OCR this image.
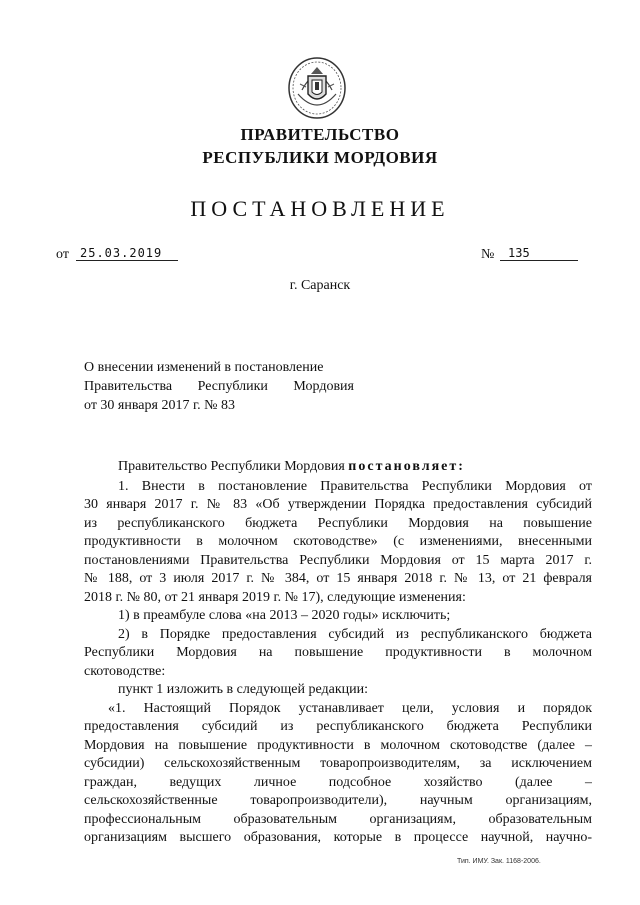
ПРАВИТЕЛЬСТВО
РЕСПУБЛИКИ МОРДОВИЯ
ПОСТАНОВЛЕНИЕ
от 25.03.2019	№	135
г. Саранск
О внесении изменений в постановление
Правительства Республики Мордовия
от 30 января 2017 г. № 83
Правительство Республики Мордовия постановляет:
1. Внести в постановление Правительства Республики Мордовия от
30 января 2017 г. № 83 «Об утверждении Порядка предоставления субсидий
из республиканского бюджета Республики Мордовия на повышение
продуктивности в молочном скотоводстве» (с изменениями, внесенными
постановлениями Правительства Республики Мордовия от 15 марта 2017 г.
№ 188, от 3 июля 2017 г. № 384, от 15 января 2018 г. № 13, от 21 февраля
2018 г. № 80, от 21 января 2019 г. № 17), следующие изменения:
1) в преамбуле слова «на 2013 – 2020 годы» исключить;
2) в Порядке предоставления субсидий из республиканского бюджета
Республики Мордовия на повышение продуктивности в молочном
скотоводстве:
пункт 1 изложить в следующей редакции:
«1. Настоящий Порядок устанавливает цели, условия и порядок
предоставления субсидий из республиканского бюджета Республики
Мордовия на повышение продуктивности в молочном скотоводстве (далее –
субсидии) сельскохозяйственным товаропроизводителям, за исключением
граждан, ведущих личное подсобное хозяйство (далее –
сельскохозяйственные товаропроизводители), научным организациям,
профессиональным образовательным организациям, образовательным
организациям высшего образования, которые в процессе научной, научно-
Тип. ИМУ. Зак. 1168-2006.
